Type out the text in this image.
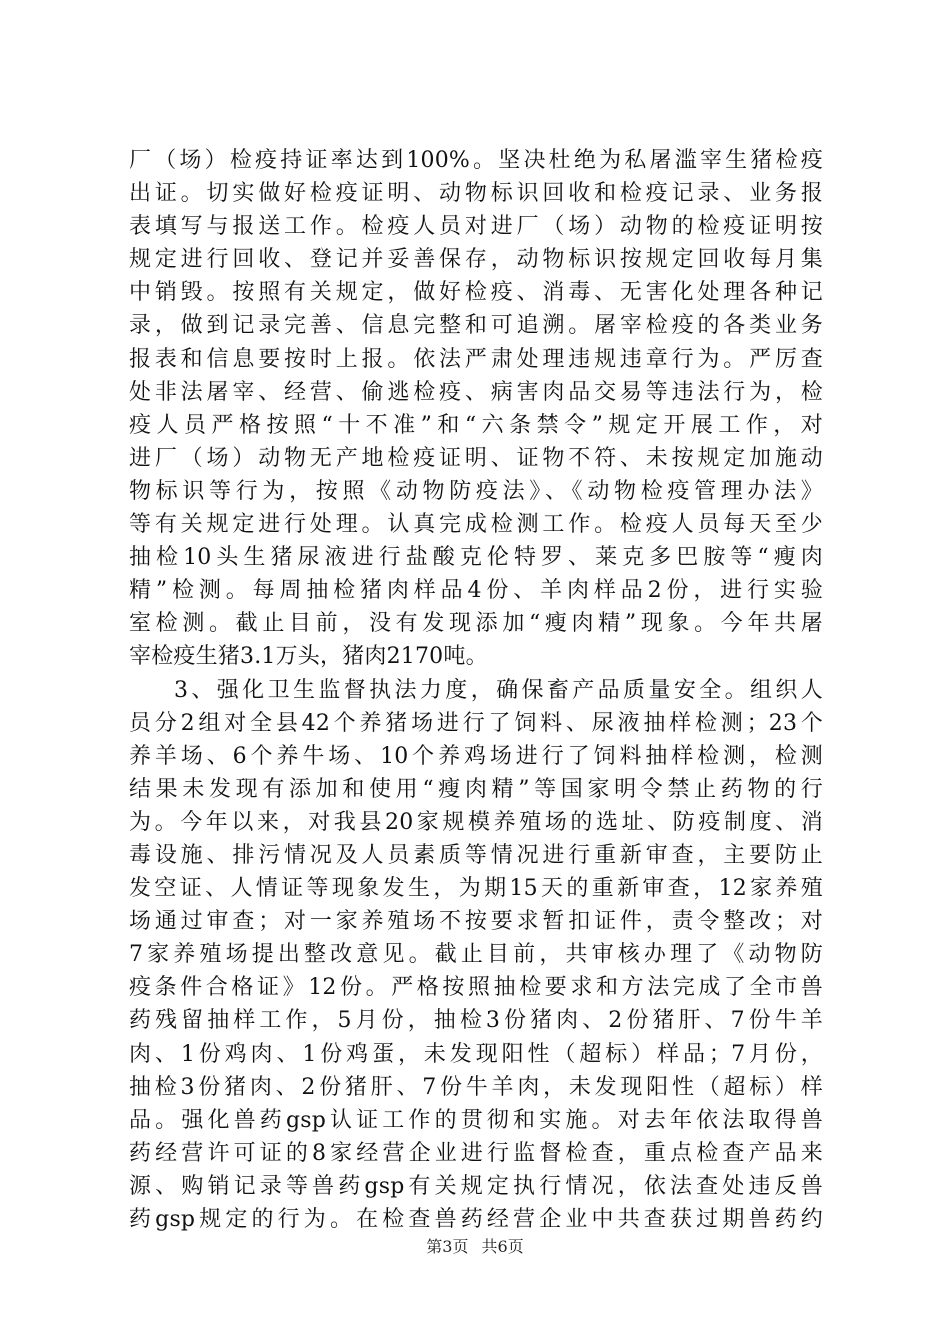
厂（场）检疫持证率达到100%。坚决杜绝为私屠滥宰生猪检疫
出证。切实做好检疫证明、动物标识回收和检疫记录、业务报
表填写与报送工作。检疫人员对进厂（场）动物的检疫证明按
规定进行回收、登记并妥善保存，动物标识按规定回收每月集
中销毁。按照有关规定，做好检疫、消毒、无害化处理各种记
录，做到记录完善、信息完整和可追溯。屠宰检疫的各类业务
报表和信息要按时上报。依法严肃处理违规违章行为。严厉查
处非法屠宰、经营、偷逃检疫、病害肉品交易等违法行为，检
疫人员严格按照“十不准”和“六条禁令”规定开展工作，对
进厂（场）动物无产地检疫证明、证物不符、未按规定加施动
物标识等行为，按照《动物防疫法》、《动物检疫管理办法》
等有关规定进行处理。认真完成检测工作。检疫人员每天至少
抽检10头生猪尿液进行盐酸克伦特罗、莱克多巴胺等“瘦肉
精”检测。每周抽检猪肉样品4份、羊肉样品2份，进行实验
室检测。截止目前，没有发现添加“瘦肉精”现象。今年共屠
宰检疫生猪3.1万头，猪肉2170吨。
3、强化卫生监督执法力度，确保畜产品质量安全。组织人
员分2组对全县42个养猪场进行了饲料、尿液抽样检测；23个
养羊场、6个养牛场、10个养鸡场进行了饲料抽样检测，检测
结果未发现有添加和使用“瘦肉精”等国家明令禁止药物的行
为。今年以来，对我县20家规模养殖场的选址、防疫制度、消
毒设施、排污情况及人员素质等情况进行重新审查，主要防止
发空证、人情证等现象发生，为期15天的重新审查，12家养殖
场通过审查；对一家养殖场不按要求暂扣证件，责令整改；对
7家养殖场提出整改意见。截止目前，共审核办理了《动物防
疫条件合格证》12份。严格按照抽检要求和方法完成了全市兽
药残留抽样工作，5月份，抽检3份猪肉、2份猪肝、7份牛羊
肉、1份鸡肉、1份鸡蛋，未发现阳性（超标）样品；7月份，
抽检3份猪肉、2份猪肝、7份牛羊肉，未发现阳性（超标）样
品。强化兽药gsp认证工作的贯彻和实施。对去年依法取得兽
药经营许可证的8家经营企业进行监督检查，重点检查产品来
源、购销记录等兽药gsp有关规定执行情况，依法查处违反兽
药gsp规定的行为。在检查兽药经营企业中共查获过期兽药约
第3页 共6页
